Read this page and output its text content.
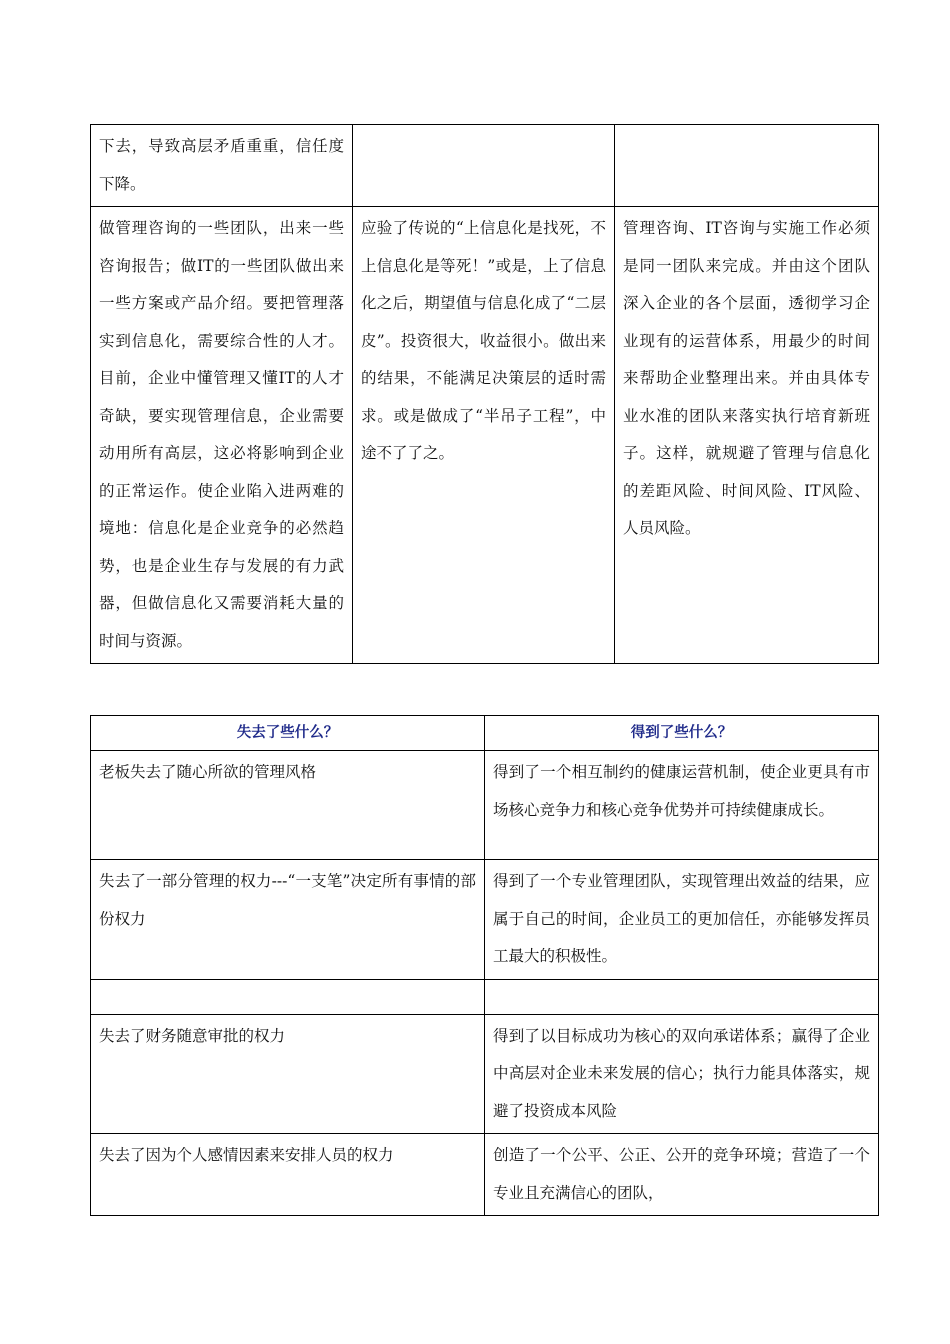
下去，导致高层矛盾重重，信任度下降。		
做管理咨询的一些团队，出来一些咨询报告；做IT的一些团队做出来一些方案或产品介绍。要把管理落实到信息化，需要综合性的人才。目前，企业中懂管理又懂IT的人才奇缺，要实现管理信息，企业需要动用所有高层，这必将影响到企业的正常运作。使企业陷入进两难的境地：信息化是企业竞争的必然趋势，也是企业生存与发展的有力武器，但做信息化又需要消耗大量的时间与资源。	应验了传说的“上信息化是找死，不上信息化是等死！”或是，上了信息化之后，期望值与信息化成了“二层皮”。投资很大，收益很小。做出来的结果，不能满足决策层的适时需求。或是做成了“半吊子工程”，中途不了了之。	管理咨询、IT咨询与实施工作必须是同一团队来完成。并由这个团队深入企业的各个层面，透彻学习企业现有的运营体系，用最少的时间来帮助企业整理出来。并由具体专业水准的团队来落实执行培育新班子。这样，就规避了管理与信息化的差距风险、时间风险、IT风险、人员风险。
失去了些什么？	得到了些什么？
老板失去了随心所欲的管理风格	得到了一个相互制约的健康运营机制，使企业更具有市场核心竞争力和核心竞争优势并可持续健康成长。
失去了一部分管理的权力---“一支笔”决定所有事情的部份权力	得到了一个专业管理团队，实现管理出效益的结果，应属于自己的时间，企业员工的更加信任，亦能够发挥员工最大的积极性。

失去了财务随意审批的权力	得到了以目标成功为核心的双向承诺体系；赢得了企业中高层对企业未来发展的信心；执行力能具体落实，规避了投资成本风险
失去了因为个人感情因素来安排人员的权力	创造了一个公平、公正、公开的竞争环境；营造了一个专业且充满信心的团队，
